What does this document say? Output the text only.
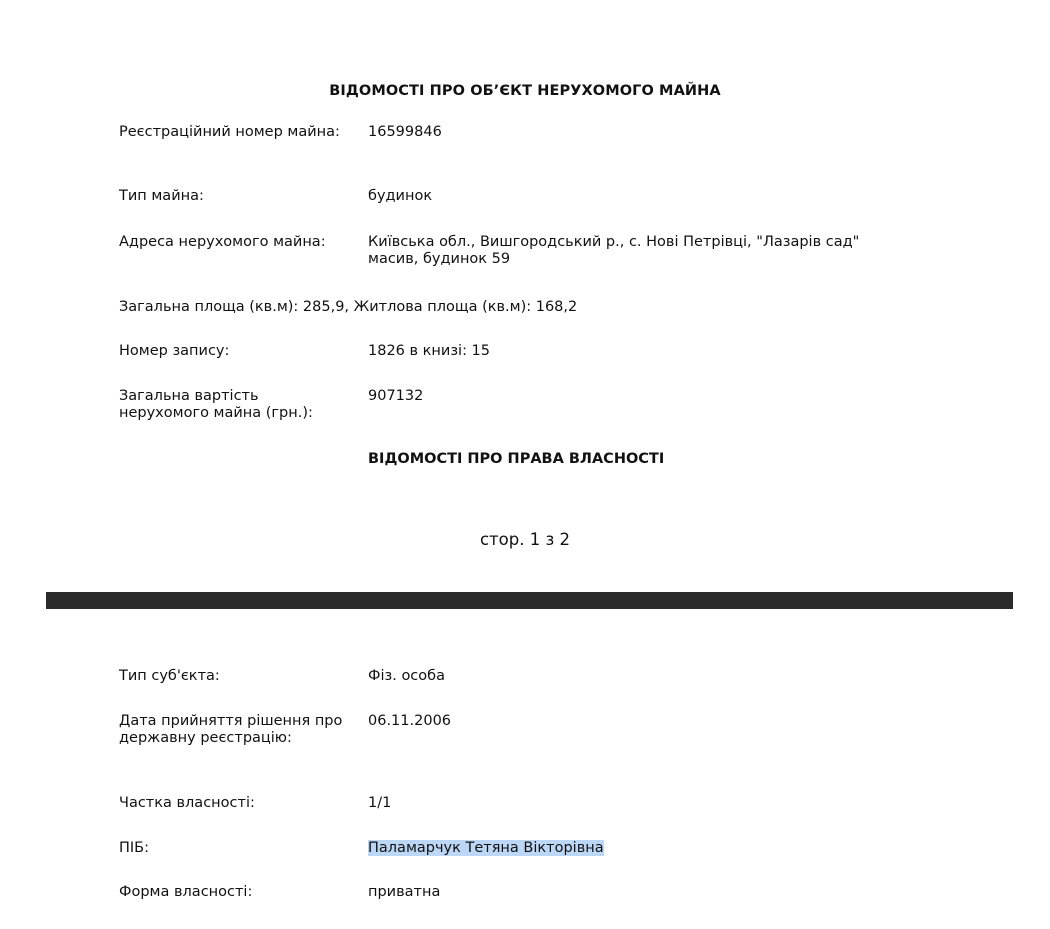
ВІДОМОСТІ ПРО ОБ’ЄКТ НЕРУХОМОГО МАЙНА
Реєстраційний номер майна: 16599846
Тип майна:	будинок
Адреса нерухомого майна:	Київська обл., Вишгородський р., с. Нові Петрівці, "Лазарів сад"
масив, будинок 59
Загальна площа (кв.м): 285,9, Житлова площа (кв.м): 168,2
Номер запису:	1826 в книзі: 15
Загальна вартість нерухомого майна (грн.):
907132
ВІДОМОСТІ ПРО ПРАВА ВЛАСНОСТІ
стор. 1 з 2
Тип суб'єкта:	Фіз. особа
Дата прийняття рішення про державну реєстрацію:
06.11.2006
Частка власності:	1/1
ПІБ:	Паламарчук Тетяна Вікторівна
Форма власності:	приватна
